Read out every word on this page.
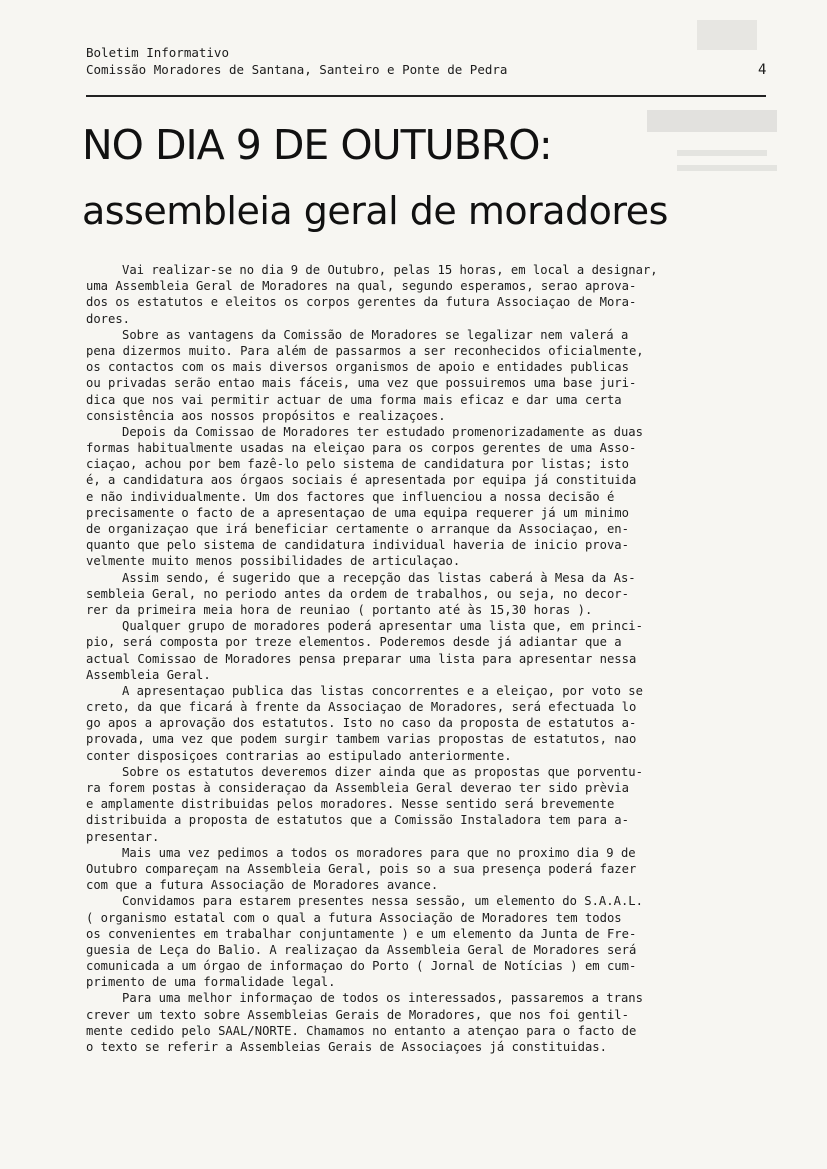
Boletim Informativo
Comissão Moradores de Santana, Santeiro e Ponte de Pedra	4
NO DIA 9 DE OUTUBRO:
assembleia geral de moradores
Vai realizar-se no dia 9 de Outubro, pelas 15 horas, em local a designar,
uma Assembleia Geral de Moradores na qual, segundo esperamos, serao aprova-
dos os estatutos e eleitos os corpos gerentes da futura Associaçao de Mora-
dores.
Sobre as vantagens da Comissão de Moradores se legalizar nem valerá a
pena dizermos muito. Para além de passarmos a ser reconhecidos oficialmente,
os contactos com os mais diversos organismos de apoio e entidades publicas
ou privadas serão entao mais fáceis, uma vez que possuiremos uma base juri-
dica que nos vai permitir actuar de uma forma mais eficaz e dar uma certa
consistência aos nossos propósitos e realizaçoes.
Depois da Comissao de Moradores ter estudado promenorizadamente as duas
formas habitualmente usadas na eleiçao para os corpos gerentes de uma Asso-
ciaçao, achou por bem fazê-lo pelo sistema de candidatura por listas; isto
é, a candidatura aos órgaos sociais é apresentada por equipa já constituida
e não individualmente. Um dos factores que influenciou a nossa decisão é
precisamente o facto de a apresentaçao de uma equipa requerer já um minimo
de organizaçao que irá beneficiar certamente o arranque da Associaçao, en-
quanto que pelo sistema de candidatura individual haveria de inicio prova-
velmente muito menos possibilidades de articulaçao.
Assim sendo, é sugerido que a recepção das listas caberá à Mesa da As-
sembleia Geral, no periodo antes da ordem de trabalhos, ou seja, no decor-
rer da primeira meia hora de reuniao ( portanto até às 15,30 horas ).
Qualquer grupo de moradores poderá apresentar uma lista que, em princi-
pio, será composta por treze elementos. Poderemos desde já adiantar que a
actual Comissao de Moradores pensa preparar uma lista para apresentar nessa
Assembleia Geral.
A apresentaçao publica das listas concorrentes e a eleiçao, por voto se
creto, da que ficará à frente da Associaçao de Moradores, será efectuada lo
go apos a aprovação dos estatutos. Isto no caso da proposta de estatutos a-
provada, uma vez que podem surgir tambem varias propostas de estatutos, nao
conter disposiçoes contrarias ao estipulado anteriormente.
Sobre os estatutos deveremos dizer ainda que as propostas que porventu-
ra forem postas à consideraçao da Assembleia Geral deverao ter sido prèvia
e amplamente distribuidas pelos moradores. Nesse sentido será brevemente
distribuida a proposta de estatutos que a Comissão Instaladora tem para a-
presentar.
Mais uma vez pedimos a todos os moradores para que no proximo dia 9 de
Outubro compareçam na Assembleia Geral, pois so a sua presença poderá fazer
com que a futura Associação de Moradores avance.
Convidamos para estarem presentes nessa sessão, um elemento do S.A.A.L.
( organismo estatal com o qual a futura Associação de Moradores tem todos
os convenientes em trabalhar conjuntamente ) e um elemento da Junta de Fre-
guesia de Leça do Balio. A realizaçao da Assembleia Geral de Moradores será
comunicada a um órgao de informaçao do Porto ( Jornal de Notícias ) em cum-
primento de uma formalidade legal.
Para uma melhor informaçao de todos os interessados, passaremos a trans
crever um texto sobre Assembleias Gerais de Moradores, que nos foi gentil-
mente cedido pelo SAAL/NORTE. Chamamos no entanto a atençao para o facto de
o texto se referir a Assembleias Gerais de Associaçoes já constituidas.
